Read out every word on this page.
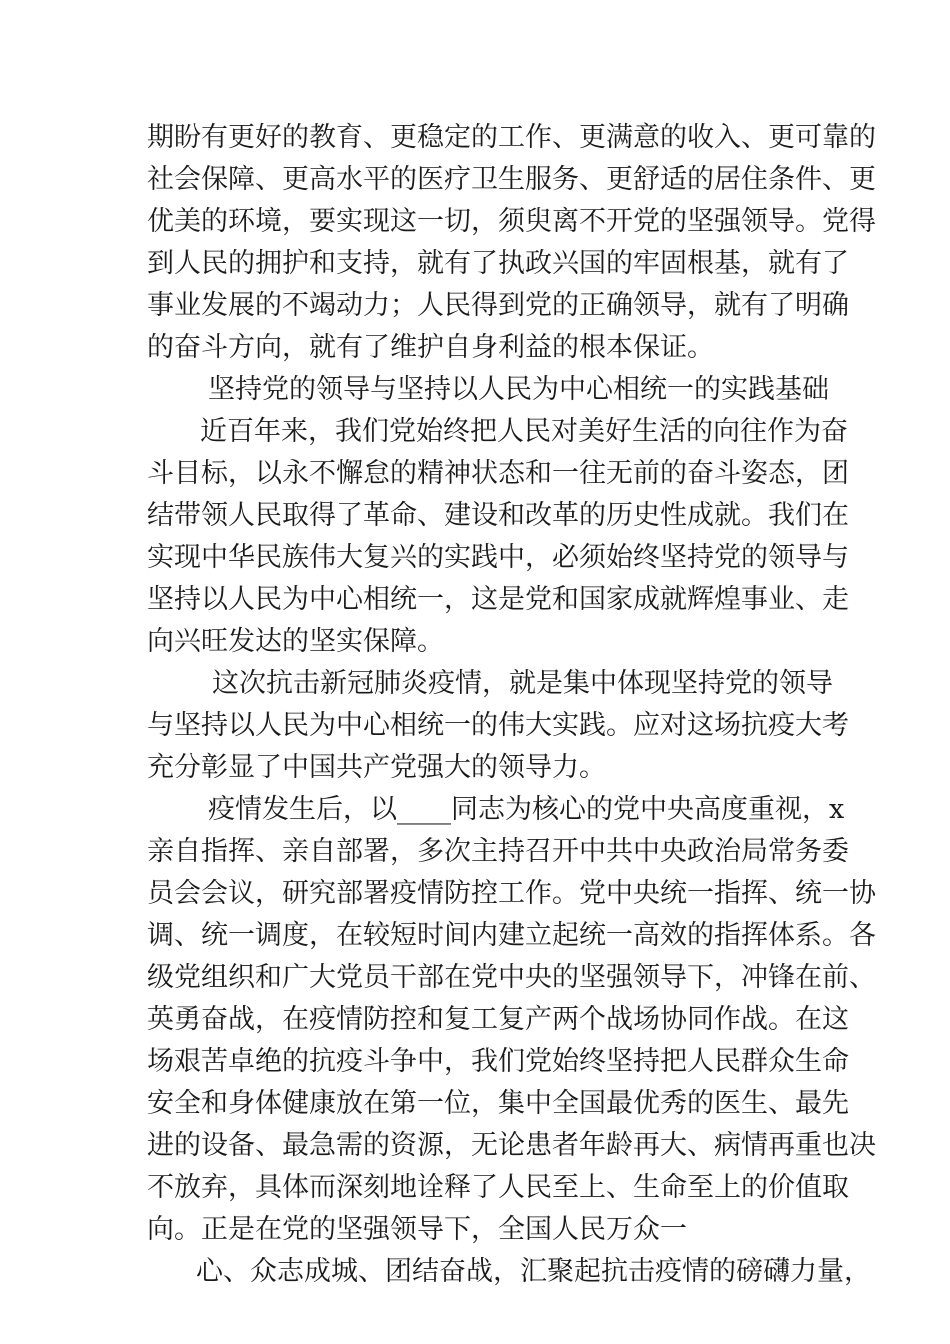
期盼有更好的教育、更稳定的工作、更满意的收入、更可靠的
社会保障、更高水平的医疗卫生服务、更舒适的居住条件、更
优美的环境，要实现这一切，须臾离不开党的坚强领导。党得
到人民的拥护和支持，就有了执政兴国的牢固根基，就有了
事业发展的不竭动力；人民得到党的正确领导，就有了明确
的奋斗方向，就有了维护自身利益的根本保证。
坚持党的领导与坚持以人民为中心相统一的实践基础
近百年来，我们党始终把人民对美好生活的向往作为奋
斗目标，以永不懈怠的精神状态和一往无前的奋斗姿态，团
结带领人民取得了革命、建设和改革的历史性成就。我们在
实现中华民族伟大复兴的实践中，必须始终坚持党的领导与
坚持以人民为中心相统一，这是党和国家成就辉煌事业、走
向兴旺发达的坚实保障。
这次抗击新冠肺炎疫情，就是集中体现坚持党的领导
与坚持以人民为中心相统一的伟大实践。应对这场抗疫大考
充分彰显了中国共产党强大的领导力。
疫情发生后，以____同志为核心的党中央高度重视，x
亲自指挥、亲自部署，多次主持召开中共中央政治局常务委
员会会议，研究部署疫情防控工作。党中央统一指挥、统一协
调、统一调度，在较短时间内建立起统一高效的指挥体系。各
级党组织和广大党员干部在党中央的坚强领导下，冲锋在前、
英勇奋战，在疫情防控和复工复产两个战场协同作战。在这
场艰苦卓绝的抗疫斗争中，我们党始终坚持把人民群众生命
安全和身体健康放在第一位，集中全国最优秀的医生、最先
进的设备、最急需的资源，无论患者年龄再大、病情再重也决
不放弃，具体而深刻地诠释了人民至上、生命至上的价值取
向。正是在党的坚强领导下，全国人民万众一
心、众志成城、团结奋战，汇聚起抗击疫情的磅礴力量，
